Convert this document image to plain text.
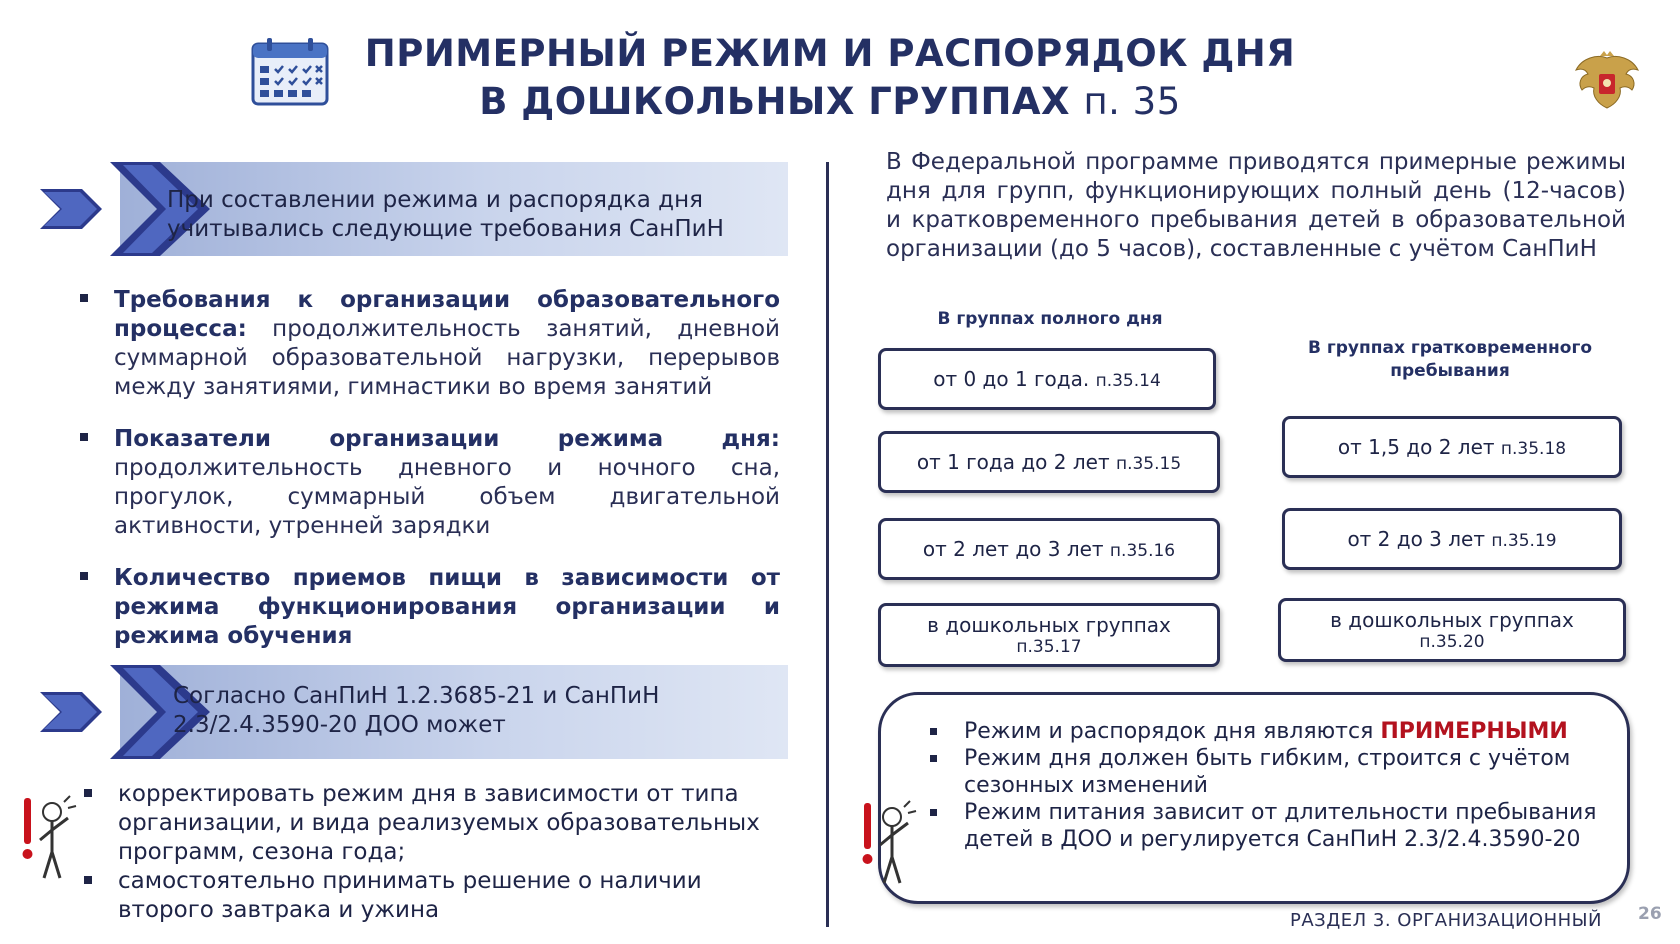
ПРИМЕРНЫЙ РЕЖИМ И РАСПОРЯДОК ДНЯ
В ДОШКОЛЬНЫХ ГРУППАХ п. 35
При составлении режима и распорядка дня
учитывались следующие требования СанПиН
Требования к организации образовательного процесса: продолжительность занятий, дневной суммарной образовательной нагрузки, перерывов между занятиями, гимнастики во время занятий
Показатели организации режима дня: продолжительность дневного и ночного сна, прогулок, суммарный объем двигательной активности, утренней зарядки
Количество приемов пищи в зависимости от режима функционирования организации и режима обучения
Согласно СанПиН 1.2.3685-21 и СанПиН
2.3/2.4.3590-20 ДОО может
корректировать режим дня в зависимости от типа организации, и вида реализуемых образовательных программ, сезона года;
самостоятельно принимать решение о наличии второго завтрака и ужина
В Федеральной программе приводятся примерные режимы дня для групп, функционирующих полный день (12-часов) и кратковременного пребывания детей в образовательной организации (до 5 часов), составленные с учётом СанПиН
В группах полного дня
В группах гратковременного пребывания
от 0 до 1 года. п.35.14
от 1 года до 2 лет п.35.15
от 2 лет до 3 лет п.35.16
в дошкольных группах
п.35.17
от 1,5 до 2 лет п.35.18
от 2 до 3 лет п.35.19
в дошкольных группах
п.35.20
Режим и распорядок дня являются ПРИМЕРНЫМИ
Режим дня должен быть гибким, строится с учётом сезонных изменений
Режим питания зависит от длительности пребывания детей в ДОО и регулируется СанПиН 2.3/2.4.3590-20
РАЗДЕЛ 3. ОРГАНИЗАЦИОННЫЙ 26
